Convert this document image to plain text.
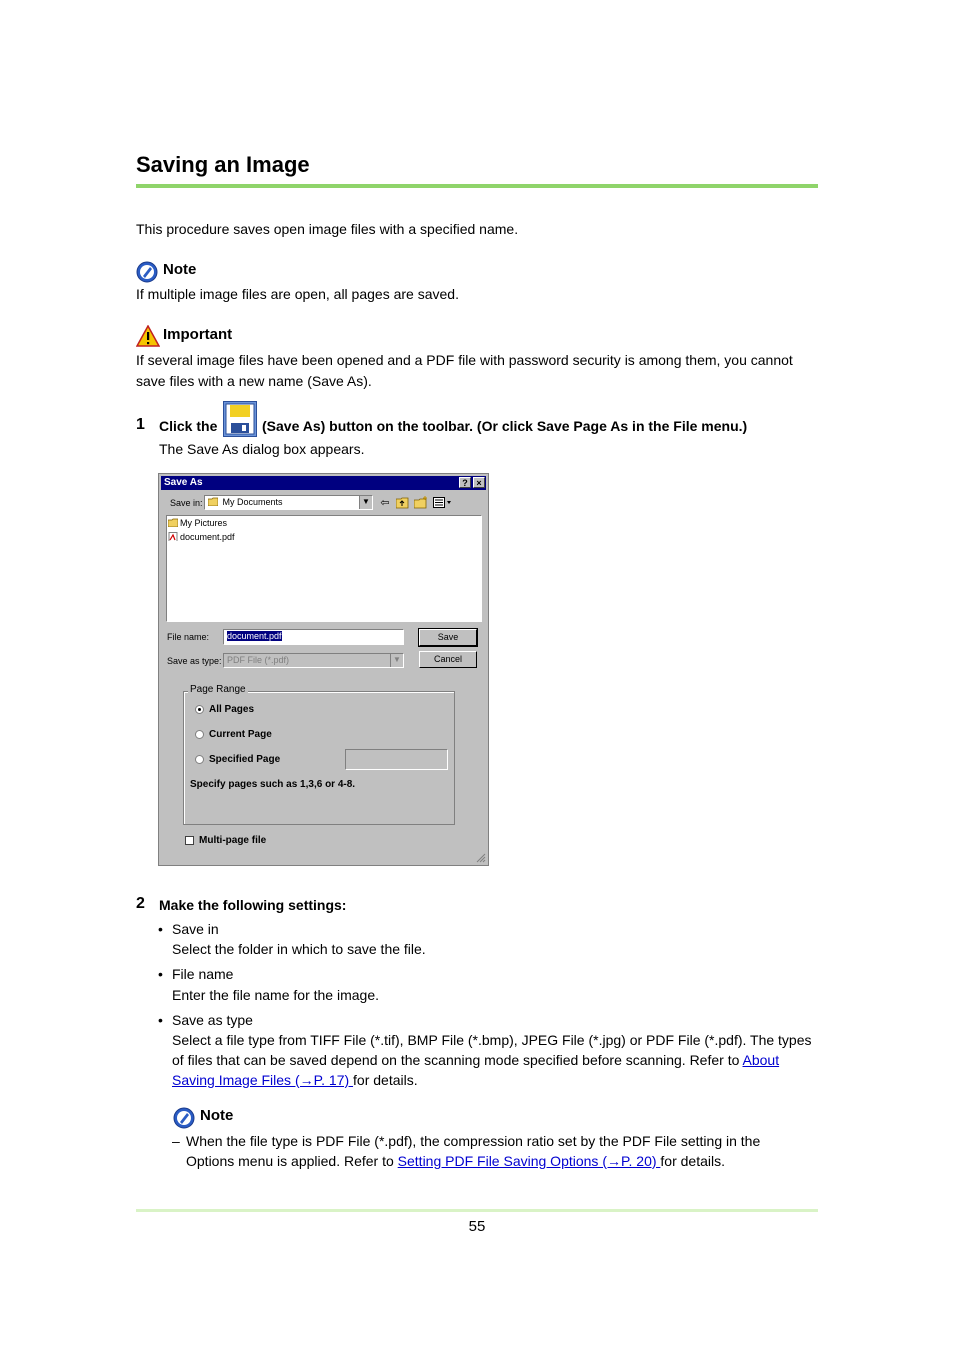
Saving an Image
This procedure saves open image files with a specified name.
Note
If multiple image files are open, all pages are saved.
Important
If several image files have been opened and a PDF file with password security is among them, you cannot
save files with a new name (Save As).
1 Click the	(Save As) button on the toolbar. (Or click Save Page As in the File menu.)
The Save As dialog box appears.
Save As	? ×
Save in:	My Documents	▼ ⇦
My Pictures
document.pdf
File name:	document.pdf
Save as type: PDF File (*.pdf)	▼
Save
Cancel
Page Range
All Pages
Current Page
Specified Page
Specify pages such as 1,3,6 or 4-8.
Multi-page file
2 Make the following settings:
• Save in
Select the folder in which to save the file.
• File name
Enter the file name for the image.
• Save as type
Select a file type from TIFF File (*.tif), BMP File (*.bmp), JPEG File (*.jpg) or PDF File (*.pdf). The types
of files that can be saved depend on the scanning mode specified before scanning. Refer to About
Saving Image Files (→P. 17) for details.
Note
– When the file type is PDF File (*.pdf), the compression ratio set by the PDF File setting in the
Options menu is applied. Refer to Setting PDF File Saving Options (→P. 20) for details.
55
